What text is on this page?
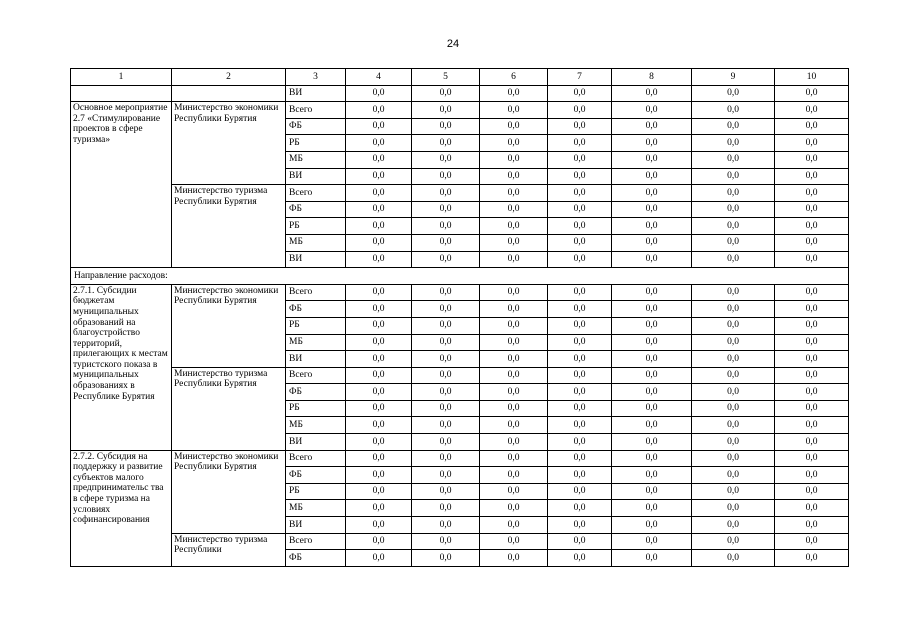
24
1	2	3	4	5	6	7	8	9	10
		ВИ	0,0	0,0	0,0	0,0	0,0	0,0	0,0
Основное мероприятие 2.7 «Стимулирование проектов в сфере туризма»	Министерство экономики Республики Бурятия	Всего	0,0	0,0	0,0	0,0	0,0	0,0	0,0
		ФБ	0,0	0,0	0,0	0,0	0,0	0,0	0,0
		РБ	0,0	0,0	0,0	0,0	0,0	0,0	0,0
		МБ	0,0	0,0	0,0	0,0	0,0	0,0	0,0
		ВИ	0,0	0,0	0,0	0,0	0,0	0,0	0,0
	Министерство туризма Республики Бурятия	Всего	0,0	0,0	0,0	0,0	0,0	0,0	0,0
		ФБ	0,0	0,0	0,0	0,0	0,0	0,0	0,0
		РБ	0,0	0,0	0,0	0,0	0,0	0,0	0,0
		МБ	0,0	0,0	0,0	0,0	0,0	0,0	0,0
		ВИ	0,0	0,0	0,0	0,0	0,0	0,0	0,0
Направление расходов:									
2.7.1. Субсидии бюджетам муниципальных образований на благоустройство территорий, прилегающих к местам туристского показа в муниципальных образованиях в Республике Бурятия	Министерство экономики Республики Бурятия	Всего	0,0	0,0	0,0	0,0	0,0	0,0	0,0
		ФБ	0,0	0,0	0,0	0,0	0,0	0,0	0,0
		РБ	0,0	0,0	0,0	0,0	0,0	0,0	0,0
		МБ	0,0	0,0	0,0	0,0	0,0	0,0	0,0
		ВИ	0,0	0,0	0,0	0,0	0,0	0,0	0,0
	Министерство туризма Республики Бурятия	Всего	0,0	0,0	0,0	0,0	0,0	0,0	0,0
		ФБ	0,0	0,0	0,0	0,0	0,0	0,0	0,0
		РБ	0,0	0,0	0,0	0,0	0,0	0,0	0,0
		МБ	0,0	0,0	0,0	0,0	0,0	0,0	0,0
		ВИ	0,0	0,0	0,0	0,0	0,0	0,0	0,0
2.7.2. Субсидия на поддержку и развитие субъектов малого предпринимательс тва в сфере туризма на условиях софинансирования	Министерство экономики Республики Бурятия	Всего	0,0	0,0	0,0	0,0	0,0	0,0	0,0
		ФБ	0,0	0,0	0,0	0,0	0,0	0,0	0,0
		РБ	0,0	0,0	0,0	0,0	0,0	0,0	0,0
		МБ	0,0	0,0	0,0	0,0	0,0	0,0	0,0
		ВИ	0,0	0,0	0,0	0,0	0,0	0,0	0,0
	Министерство туризма Республики	Всего	0,0	0,0	0,0	0,0	0,0	0,0	0,0
		ФБ	0,0	0,0	0,0	0,0	0,0	0,0	0,0
